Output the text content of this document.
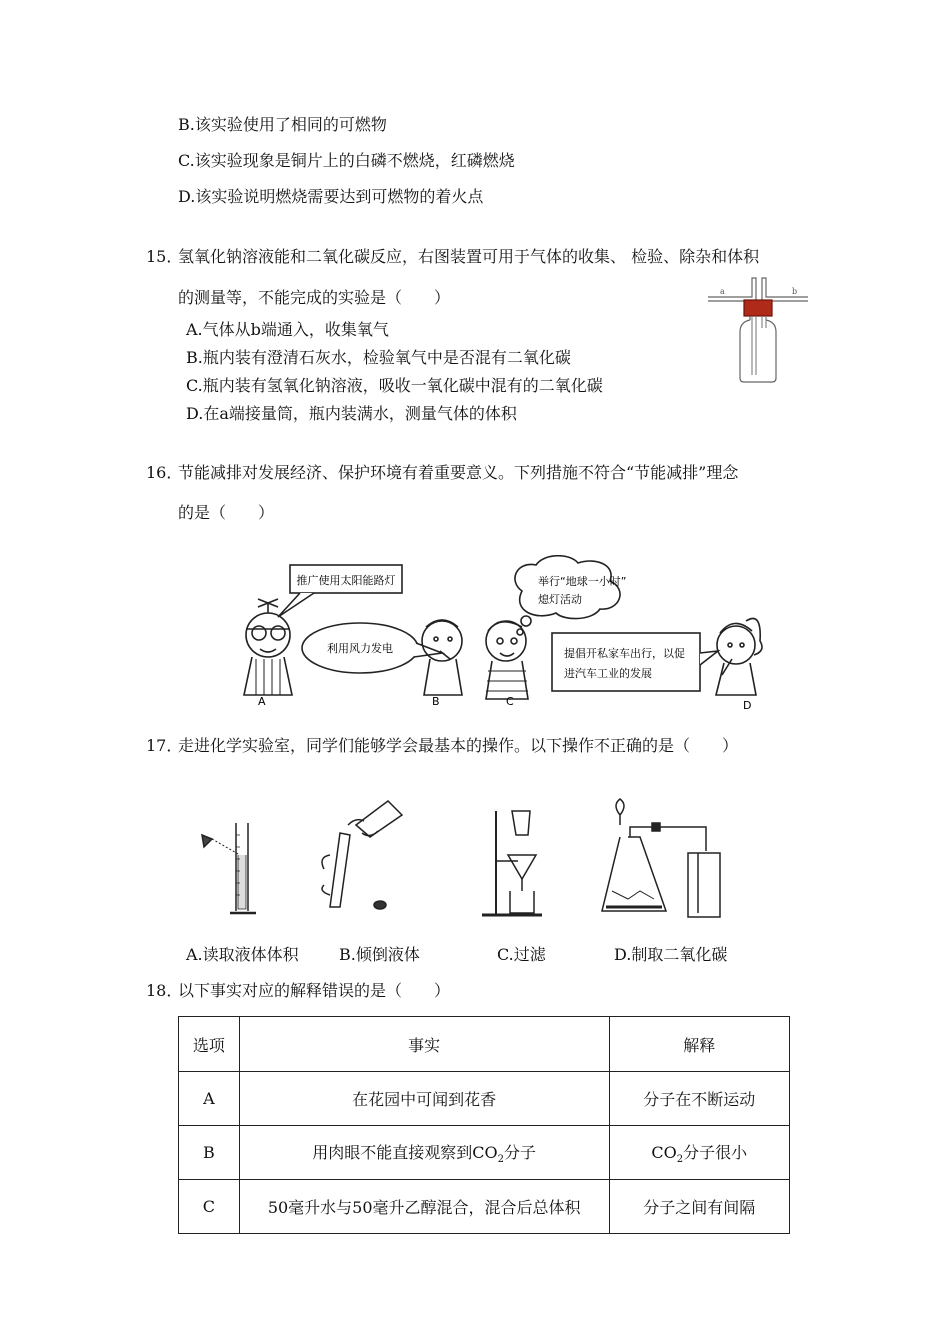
B.该实验使用了相同的可燃物
C.该实验现象是铜片上的白磷不燃烧，红磷燃烧
D.该实验说明燃烧需要达到可燃物的着火点
15．
氢氧化钠溶液能和二氧化碳反应，右图装置可用于气体的收集、 检验、除杂和体积
的测量等，不能完成的实验是（　　）
A.气体从b端通入，收集氧气
B.瓶内装有澄清石灰水，检验氧气中是否混有二氧化碳
C.瓶内装有氢氧化钠溶液，吸收一氧化碳中混有的二氧化碳
D.在a端接量筒，瓶内装满水，测量气体的体积
a	b
16．
节能减排对发展经济、保护环境有着重要意义。下列措施不符合“节能减排”理念
的是（　　）
推广使用太阳能路灯
利用风力发电
举行“地球一小时”
熄灯活动
提倡开私家车出行，以促
进汽车工业的发展
A	B	C	D
17．
走进化学实验室，同学们能够学会最基本的操作。以下操作不正确的是（　　）
A.读取液体体积	B.倾倒液体	C.过滤	D.制取二氧化碳
18．
以下事实对应的解释错误的是（　　）
选项	事实	解释
A	在花园中可闻到花香	分子在不断运动
B	用肉眼不能直接观察到$CO_2$分子	$CO_2$分子很小
C	50毫升水与50毫升乙醇混合，混合后总体积	分子之间有间隔
